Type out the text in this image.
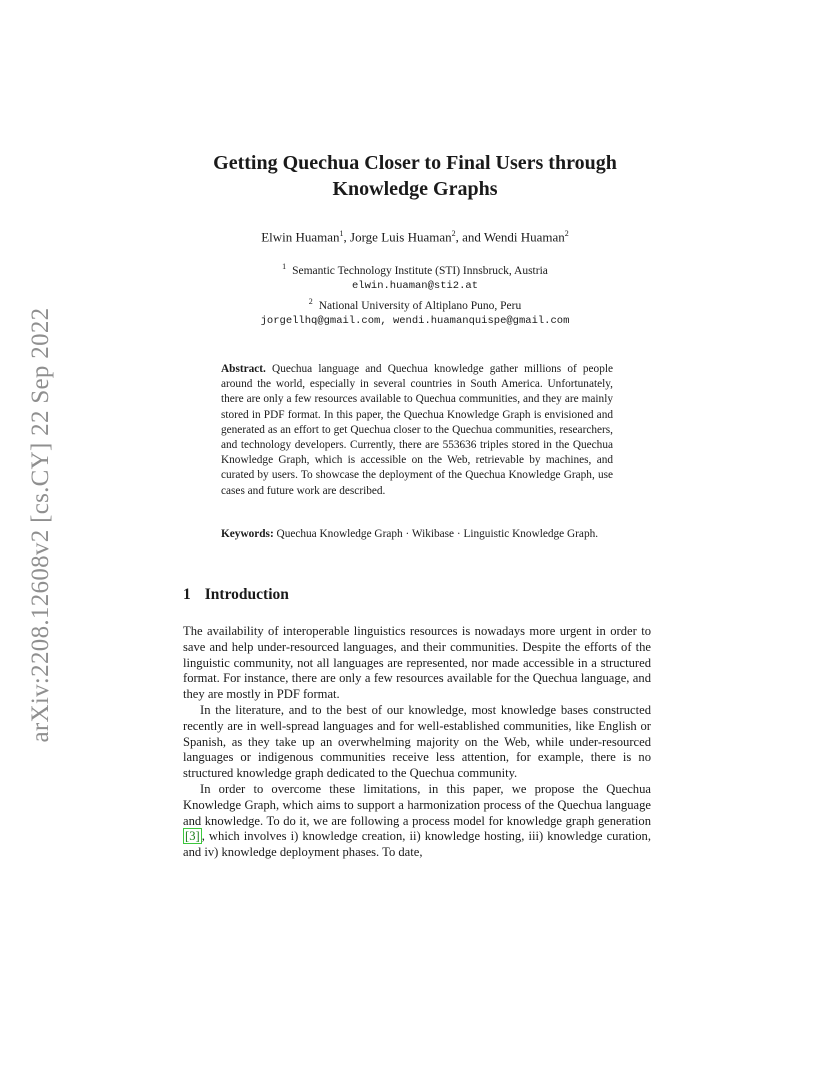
arXiv:2208.12608v2 [cs.CY] 22 Sep 2022
Getting Quechua Closer to Final Users through
Knowledge Graphs
Elwin Huaman$^1$, Jorge Luis Huaman$^2$, and Wendi Huaman$^2$
$^1$ Semantic Technology Institute (STI) Innsbruck, Austria
elwin.huaman@sti2.at
$^2$ National University of Altiplano Puno, Peru
jorgellhq@gmail.com, wendi.huamanquispe@gmail.com
Abstract. Quechua language and Quechua knowledge gather millions of people around the world, especially in several countries in South America. Unfortunately, there are only a few resources available to Quechua communities, and they are mainly stored in PDF format. In this paper, the Quechua Knowledge Graph is envisioned and generated as an effort to get Quechua closer to the Quechua communities, researchers, and technology developers. Currently, there are 553636 triples stored in the Quechua Knowledge Graph, which is accessible on the Web, retrievable by machines, and curated by users. To showcase the deployment of the Quechua Knowledge Graph, use cases and future work are described.
Keywords: Quechua Knowledge Graph · Wikibase · Linguistic Knowledge Graph.
1 Introduction

The availability of interoperable linguistics resources is nowadays more urgent in order to save and help under-resourced languages, and their communities. Despite the efforts of the linguistic community, not all languages are represented, nor made accessible in a structured format. For instance, there are only a few resources available for the Quechua language, and they are mostly in PDF format.

In the literature, and to the best of our knowledge, most knowledge bases constructed recently are in well-spread languages and for well-established communities, like English or Spanish, as they take up an overwhelming majority on the Web, while under-resourced languages or indigenous communities receive less attention, for example, there is no structured knowledge graph dedicated to the Quechua community.

In order to overcome these limitations, in this paper, we propose the Quechua Knowledge Graph, which aims to support a harmonization process of the Quechua language and knowledge. To do it, we are following a process model for knowledge graph generation [3] , which involves i) knowledge creation, ii) knowledge hosting, iii) knowledge curation, and iv) knowledge deployment phases. To date,
